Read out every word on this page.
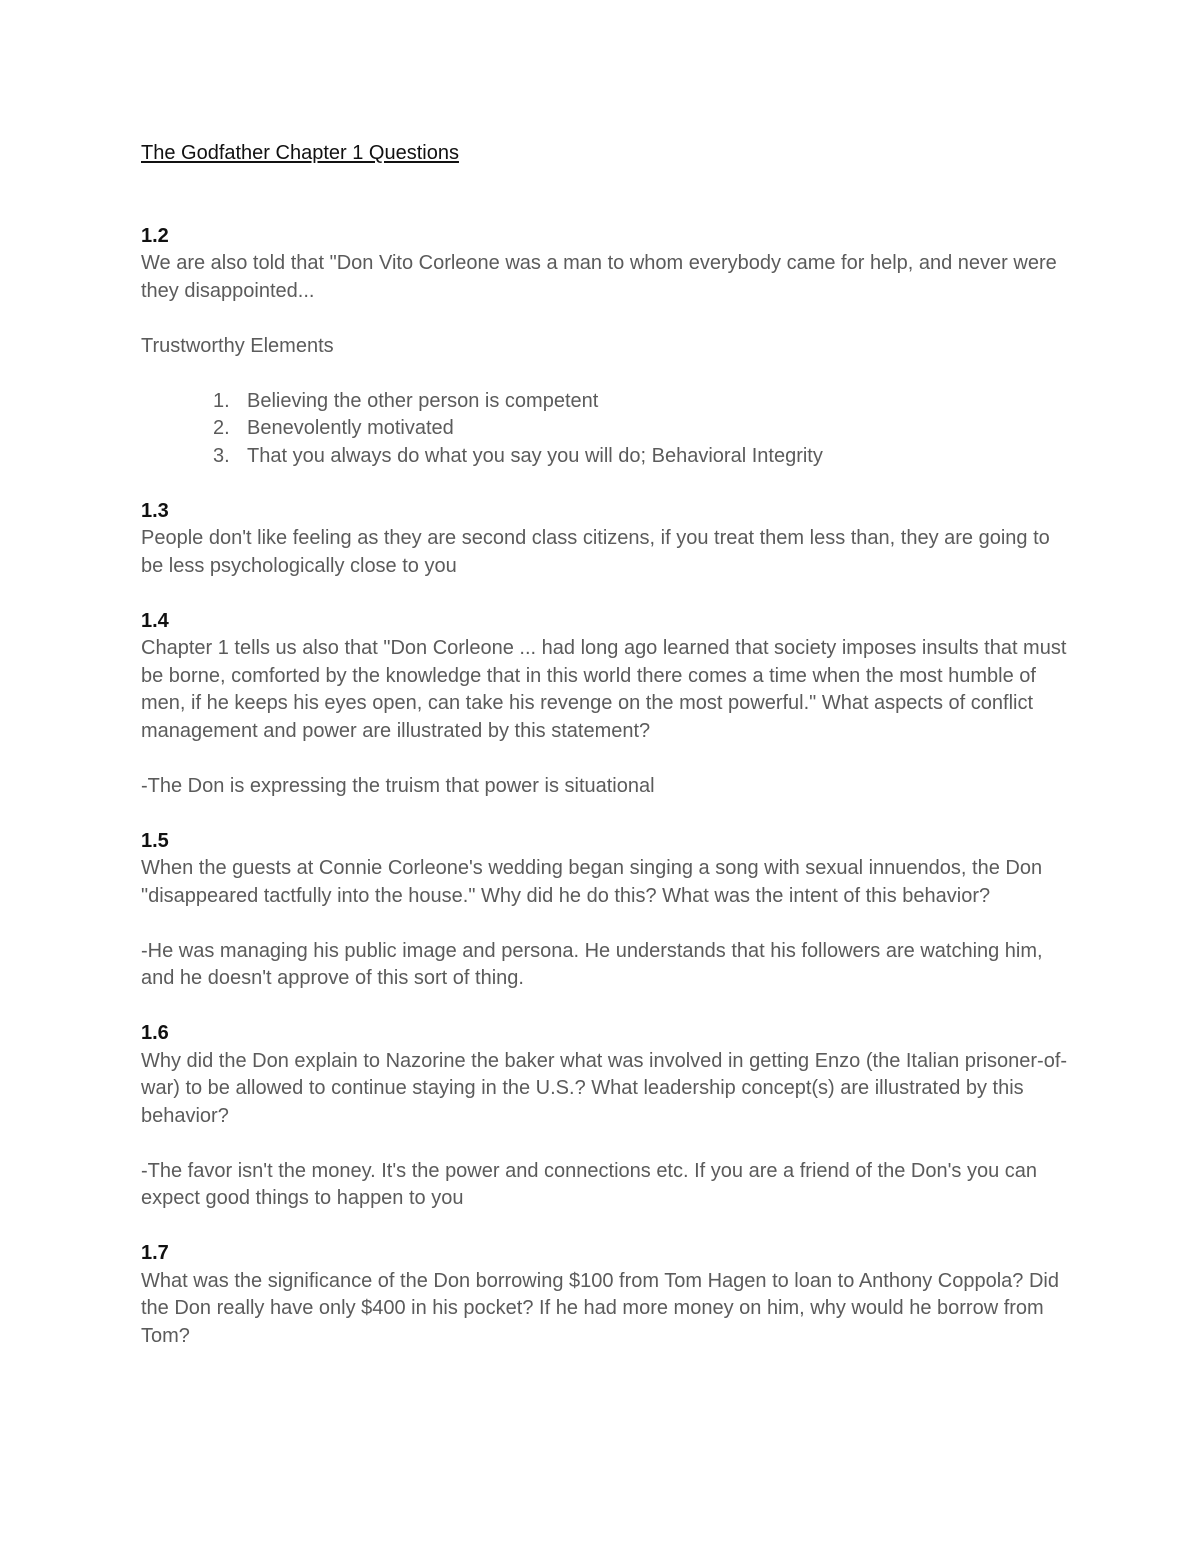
The Godfather Chapter 1 Questions

1.2

We are also told that "Don Vito Corleone was a man to whom everybody came for help, and never were they disappointed...

Trustworthy Elements

1. Believing the other person is competent
2. Benevolently motivated
3. That you always do what you say you will do; Behavioral Integrity

1.3

People don't like feeling as they are second class citizens, if you treat them less than, they are going to be less psychologically close to you

1.4

Chapter 1 tells us also that "Don Corleone ... had long ago learned that society imposes insults that must be borne, comforted by the knowledge that in this world there comes a time when the most humble of men, if he keeps his eyes open, can take his revenge on the most powerful." What aspects of conflict management and power are illustrated by this statement?

-The Don is expressing the truism that power is situational

1.5

When the guests at Connie Corleone's wedding began singing a song with sexual innuendos, the Don "disappeared tactfully into the house." Why did he do this? What was the intent of this behavior?

-He was managing his public image and persona. He understands that his followers are watching him, and he doesn't approve of this sort of thing.

1.6

Why did the Don explain to Nazorine the baker what was involved in getting Enzo (the Italian prisoner-of-war) to be allowed to continue staying in the U.S.? What leadership concept(s) are illustrated by this behavior?

-The favor isn't the money. It's the power and connections etc. If you are a friend of the Don's you can expect good things to happen to you

1.7

What was the significance of the Don borrowing $100 from Tom Hagen to loan to Anthony Coppola? Did the Don really have only $400 in his pocket? If he had more money on him, why would he borrow from Tom?
